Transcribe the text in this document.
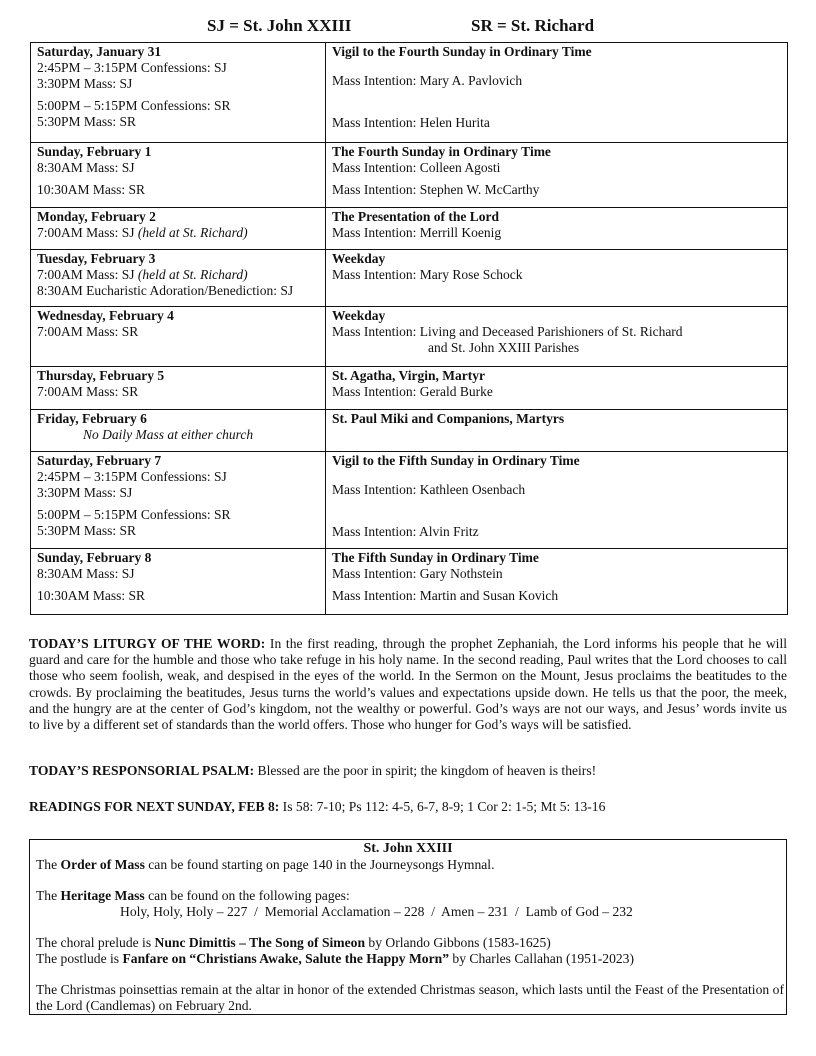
SJ = St. John XXIII	SR = St. Richard
Saturday, January 31
2:45PM – 3:15PM Confessions: SJ
3:30PM Mass: SJ
5:00PM – 5:15PM Confessions: SR
5:30PM Mass: SR	Vigil to the Fourth Sunday in Ordinary Time
Mass Intention: Mary A. Pavlovich
Mass Intention: Helen Hurita

Sunday, February 1
8:30AM Mass: SJ
10:30AM Mass: SR	The Fourth Sunday in Ordinary Time
Mass Intention: Colleen Agosti
Mass Intention: Stephen W. McCarthy

Monday, February 2
7:00AM Mass: SJ (held at St. Richard)	The Presentation of the Lord
Mass Intention: Merrill Koenig

Tuesday, February 3
7:00AM Mass: SJ (held at St. Richard)
8:30AM Eucharistic Adoration/Benediction: SJ	Weekday
Mass Intention: Mary Rose Schock

Wednesday, February 4
7:00AM Mass: SR	Weekday
Mass Intention: Living and Deceased Parishioners of St. Richard
and St. John XXIII Parishes

Thursday, February 5
7:00AM Mass: SR	St. Agatha, Virgin, Martyr
Mass Intention: Gerald Burke

Friday, February 6
No Daily Mass at either church	St. Paul Miki and Companions, Martyrs

Saturday, February 7
2:45PM – 3:15PM Confessions: SJ
3:30PM Mass: SJ
5:00PM – 5:15PM Confessions: SR
5:30PM Mass: SR	Vigil to the Fifth Sunday in Ordinary Time
Mass Intention: Kathleen Osenbach
Mass Intention: Alvin Fritz

Sunday, February 8
8:30AM Mass: SJ
10:30AM Mass: SR	The Fifth Sunday in Ordinary Time
Mass Intention: Gary Nothstein
Mass Intention: Martin and Susan Kovich
TODAY’S LITURGY OF THE WORD: In the first reading, through the prophet Zephaniah, the Lord informs his people that he will guard and care for the humble and those who take refuge in his holy name. In the second reading, Paul writes that the Lord chooses to call those who seem foolish, weak, and despised in the eyes of the world. In the Sermon on the Mount, Jesus proclaims the beatitudes to the crowds. By proclaiming the beatitudes, Jesus turns the world’s values and expectations upside down. He tells us that the poor, the meek, and the hungry are at the center of God’s kingdom, not the wealthy or powerful. God’s ways are not our ways, and Jesus’ words invite us to live by a different set of standards than the world offers. Those who hunger for God’s ways will be satisfied.
TODAY’S RESPONSORIAL PSALM: Blessed are the poor in spirit; the kingdom of heaven is theirs!
READINGS FOR NEXT SUNDAY, FEB 8: Is 58: 7-10; Ps 112: 4-5, 6-7, 8-9; 1 Cor 2: 1-5; Mt 5: 13-16
St. John XXIII
The Order of Mass can be found starting on page 140 in the Journeysongs Hymnal.
The Heritage Mass can be found on the following pages:
Holy, Holy, Holy – 227  /  Memorial Acclamation – 228  /  Amen – 231  /  Lamb of God – 232
The choral prelude is Nunc Dimittis – The Song of Simeon by Orlando Gibbons (1583-1625)
The postlude is Fanfare on “Christians Awake, Salute the Happy Morn” by Charles Callahan (1951-2023)
The Christmas poinsettias remain at the altar in honor of the extended Christmas season, which lasts until the Feast of the Presentation of the Lord (Candlemas) on February 2nd.
